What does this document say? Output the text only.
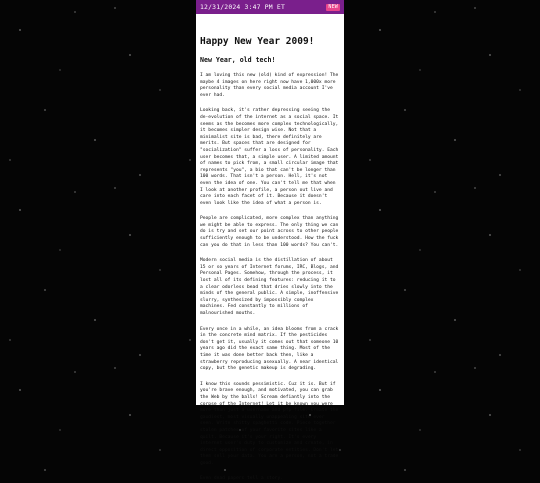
12/31/2024 3:47 PM ET	NEW
Happy New Year 2009!
New Year, old tech!

I am loving this new (old) kind of expression! The maybe 4 images on here right now have 1,000x more personality than every social media account I've ever had.

Looking back, it's rather depressing seeing the de-evolution of the internet as a social space. It seems as the becomes more complex technologically, it becomes simpler design wise. Not that a minimalist site is bad, there definitely are merits. But spaces that are designed for "socialization" suffer a loss of personality. Each user becomes that, a simple user. A limited amount of names to pick from, a small circular image that represents "you", a bio that can't be longer than 100 words. That isn't a person. Hell, it's not even the idea of one. You can't tell me that when I look at another profile, a person out live and care into each facet of it. Because it doesn't even look like the idea of what a person is.

People are complicated, more complex than anything we might be able to express. The only thing we can do is try and set our point across to other people sufficiently enough to be understood. How the fuck can you do that in less than 100 words? You can't.

Modern social media is the distillation of about 15 or so years of Internet forums, IRC, Blogs, and Personal Pages. Somehow, through the process, it lost all of its defining features: reducing it to a clear odorless bead that dries slowly into the minds of the general public. A simple, inoffensive slurry, synthesized by impossibly complex machines. Fed constantly to millions of malnourished mouths.

Every once in a while, an idea blooms from a crack in the concrete mind matrix. If the pesticides don't get it, usually it comes out that someone 10 years ago did the exact same thing. Most of the time it was done better back then, like a strawberry reproducing asexually. A near identical copy, but the genetic makeup is degrading.

I know this sounds pessimistic. Cuz it is. But if you're brave enough, and motivated, you can grab the Web by the balls! Scream defiantly into the corpse of the Internet! Let it be known you were more than just a username and pfp file. Create the gaudiest, most visually unappealing site ever seen. Write shitty spaghetti code. Piece together stolen patches of your favorite sites like a quilt. Because it's your right. It's every internet user's duty to customize and create, in direct opposition of corporate entities. Don't let them sell your data. You are a person, not a trade good.

Even dead papers tell a story.
